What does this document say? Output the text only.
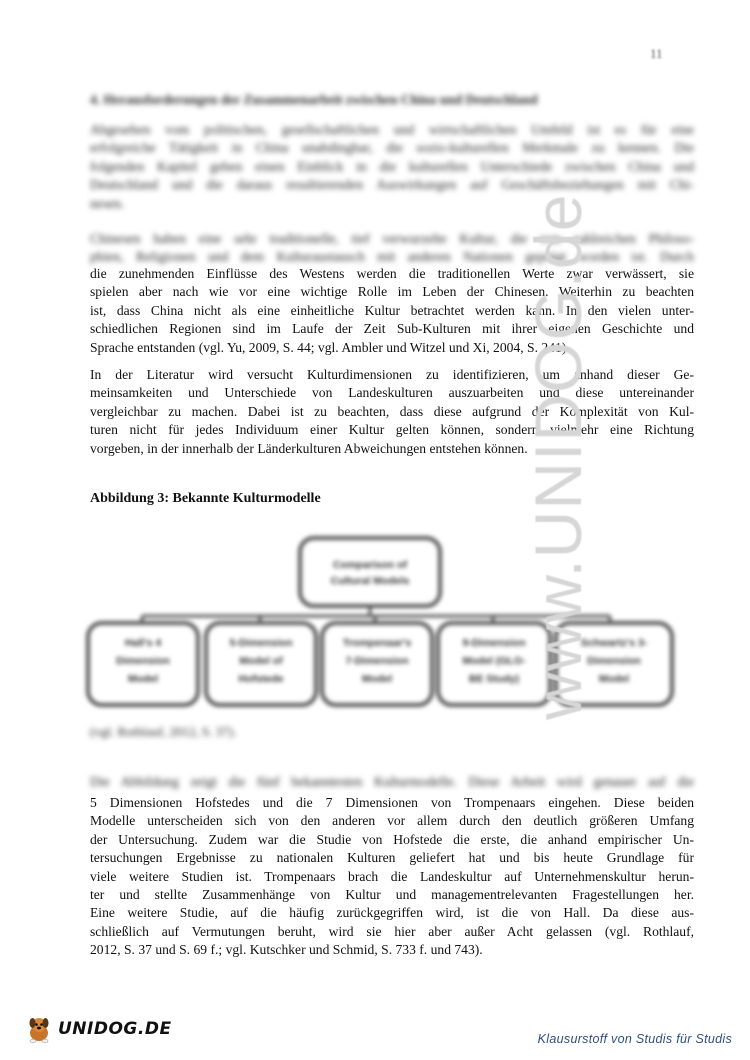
11
4. Herausforderungen der Zusammenarbeit zwischen China und Deutschland
Abgesehen vom politischen, gesellschaftlichen und wirtschaftlichen Umfeld ist es für eine
erfolgreiche Tätigkeit in China unabdingbar, die sozio-kulturellen Merkmale zu kennen. Die
folgenden Kapitel geben einen Einblick in die kulturellen Unterschiede zwischen China und
Deutschland und die daraus resultierenden Auswirkungen auf Geschäftsbeziehungen mit Chi-
nesen.
Chinesen haben eine sehr traditionelle, tief verwurzelte Kultur, die von zahlreichen Philoso-
phien, Religionen und dem Kulturaustausch mit anderen Nationen geprägt worden ist. Durch
die zunehmenden Einflüsse des Westens werden die traditionellen Werte zwar verwässert, sie
spielen aber nach wie vor eine wichtige Rolle im Leben der Chinesen. Weiterhin zu beachten
ist, dass China nicht als eine einheitliche Kultur betrachtet werden kann. In den vielen unter-
schiedlichen Regionen sind im Laufe der Zeit Sub-Kulturen mit ihrer eigenen Geschichte und
Sprache entstanden (vgl. Yu, 2009, S. 44; vgl. Ambler und Witzel und Xi, 2004, S. 241).
In der Literatur wird versucht Kulturdimensionen zu identifizieren, um anhand dieser Ge-
meinsamkeiten und Unterschiede von Landeskulturen auszuarbeiten und diese untereinander
vergleichbar zu machen. Dabei ist zu beachten, dass diese aufgrund der Komplexität von Kul-
turen nicht für jedes Individuum einer Kultur gelten können, sondern vielmehr eine Richtung
vorgeben, in der innerhalb der Länderkulturen Abweichungen entstehen können.
Abbildung 3: Bekannte Kulturmodelle
Comparison of
Cultural Models
Hall's 4
Dimension
Model
5-Dimension
Model of
Hofstede
Trompenaar's
7-Dimension
Model
9-Dimension
Model (GLO-
BE Study)
Schwartz's 3-
Dimension
Model
(vgl. Rothlauf, 2012, S. 37).
Die Abbildung zeigt die fünf bekanntesten Kulturmodelle. Diese Arbeit wird genauer auf die
5 Dimensionen Hofstedes und die 7 Dimensionen von Trompenaars eingehen. Diese beiden
Modelle unterscheiden sich von den anderen vor allem durch den deutlich größeren Umfang
der Untersuchung. Zudem war die Studie von Hofstede die erste, die anhand empirischer Un-
tersuchungen Ergebnisse zu nationalen Kulturen geliefert hat und bis heute Grundlage für
viele weitere Studien ist. Trompenaars brach die Landeskultur auf Unternehmenskultur herun-
ter und stellte Zusammenhänge von Kultur und managementrelevanten Fragestellungen her.
Eine weitere Studie, auf die häufig zurückgegriffen wird, ist die von Hall. Da diese aus-
schließlich auf Vermutungen beruht, wird sie hier aber außer Acht gelassen (vgl. Rothlauf,
2012, S. 37 und S. 69 f.; vgl. Kutschker und Schmid, S. 733 f. und 743).
www.UNIDOG.de
UNIDOG.DE	Klausurstoff von Studis für Studis
